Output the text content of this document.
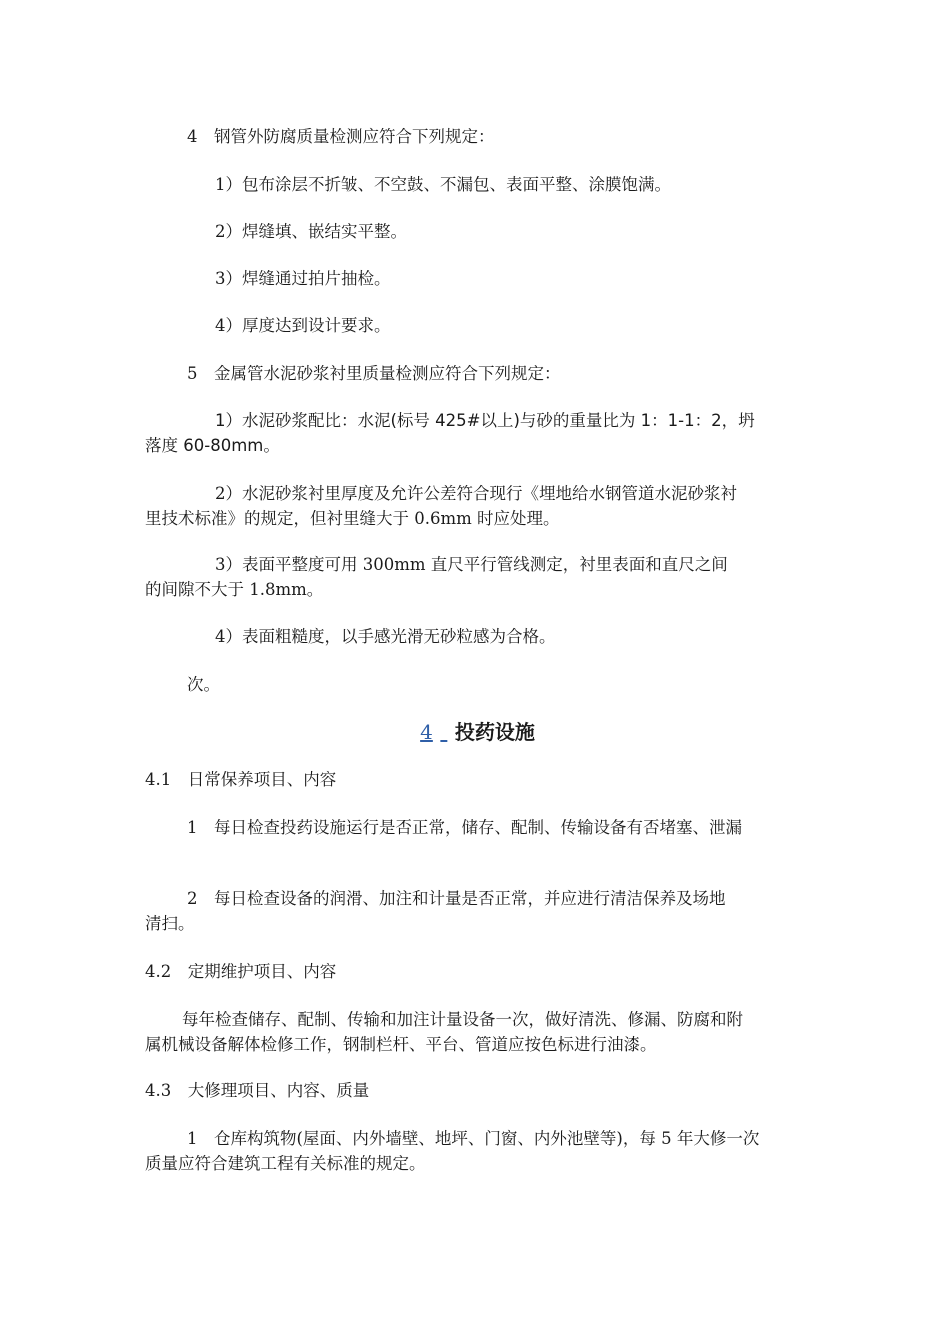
4　钢管外防腐质量检测应符合下列规定：
1）包布涂层不折皱、不空鼓、不漏包、表面平整、涂膜饱满。
2）焊缝填、嵌结实平整。
3）焊缝通过拍片抽检。
4）厚度达到设计要求。
5　金属管水泥砂浆衬里质量检测应符合下列规定：
1）水泥砂浆配比：水泥(标号 425#以上)与砂的重量比为 1：1-1：2，坍
落度 60-80mm。
2）水泥砂浆衬里厚度及允许公差符合现行《埋地给水钢管道水泥砂浆衬
里技术标准》的规定，但衬里缝大于 0.6mm 时应处理。
3）表面平整度可用 300mm 直尺平行管线测定，衬里表面和直尺之间
的间隙不大于 1.8mm。
4）表面粗糙度，以手感光滑无砂粒感为合格。
次。
4 投药设施
4.1　日常保养项目、内容
1　每日检查投药设施运行是否正常，储存、配制、传输设备有否堵塞、泄漏
2　每日检查设备的润滑、加注和计量是否正常，并应进行清洁保养及场地
清扫。
4.2　定期维护项目、内容
每年检查储存、配制、传输和加注计量设备一次，做好清洗、修漏、防腐和附
属机械设备解体检修工作，钢制栏杆、平台、管道应按色标进行油漆。
4.3　大修理项目、内容、质量
1　仓库构筑物(屋面、内外墙壁、地坪、门窗、内外池壁等)，每 5 年大修一次
质量应符合建筑工程有关标准的规定。
